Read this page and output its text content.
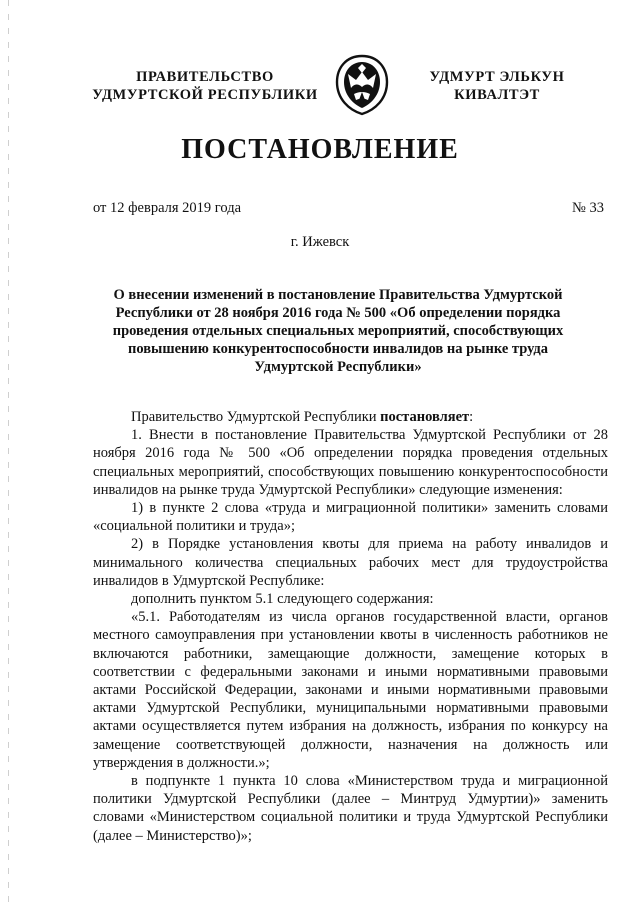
ПРАВИТЕЛЬСТВО
УДМУРТСКОЙ РЕСПУБЛИКИ
УДМУРТ ЭЛЬКУН
КИВАЛТЭТ
ПОСТАНОВЛЕНИЕ
от 12 февраля 2019 года	№ 33
г. Ижевск
О внесении изменений в постановление Правительства Удмуртской Республики от 28 ноября 2016 года № 500 «Об определении порядка проведения отдельных специальных мероприятий, способствующих повышению конкурентоспособности инвалидов на рынке труда Удмуртской Республики»

Правительство Удмуртской Республики постановляет:

1. Внести в постановление Правительства Удмуртской Республики от 28 ноября 2016 года № 500 «Об определении порядка проведения отдельных специальных мероприятий, способствующих повышению конкурентоспособности инвалидов на рынке труда Удмуртской Республики» следующие изменения:

1) в пункте 2 слова «труда и миграционной политики» заменить словами «социальной политики и труда»;

2) в Порядке установления квоты для приема на работу инвалидов и минимального количества специальных рабочих мест для трудоустройства инвалидов в Удмуртской Республике:

дополнить пунктом 5.1 следующего содержания:

«5.1. Работодателям из числа органов государственной власти, органов местного самоуправления при установлении квоты в численность работников не включаются работники, замещающие должности, замещение которых в соответствии с федеральными законами и иными нормативными правовыми актами Российской Федерации, законами и иными нормативными правовыми актами Удмуртской Республики, муниципальными нормативными правовыми актами осуществляется путем избрания на должность, избрания по конкурсу на замещение соответствующей должности, назначения на должность или утверждения в должности.»;

в подпункте 1 пункта 10 слова «Министерством труда и миграционной политики Удмуртской Республики (далее – Минтруд Удмуртии)» заменить словами «Министерством социальной политики и труда Удмуртской Республики (далее – Министерство)»;
